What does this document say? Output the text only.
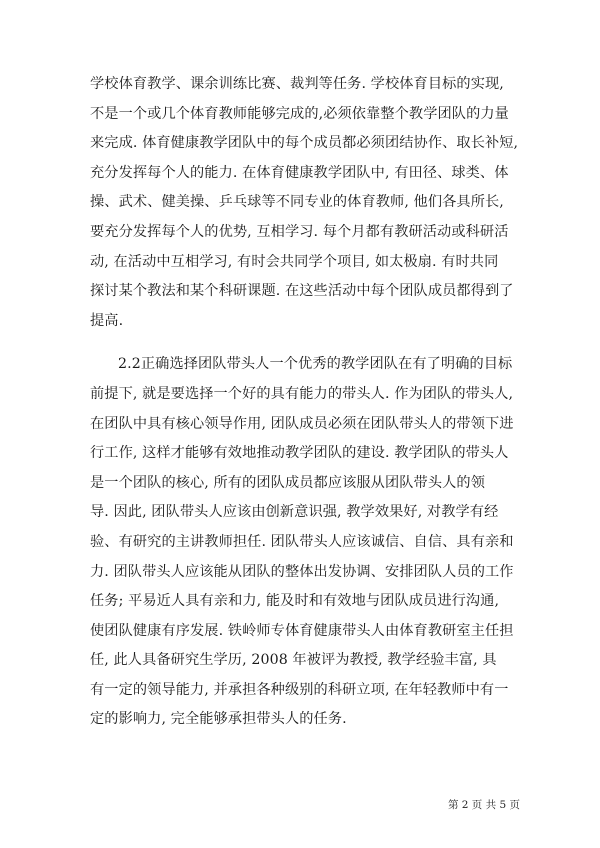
学校体育教学、课余训练比赛、裁判等任务. 学校体育目标的实现,
不是一个或几个体育教师能够完成的,必须依靠整个教学团队的力量
来完成. 体育健康教学团队中的每个成员都必须团结协作、取长补短,
充分发挥每个人的能力. 在体育健康教学团队中, 有田径、球类、体
操、武术、健美操、乒乓球等不同专业的体育教师, 他们各具所长,
要充分发挥每个人的优势, 互相学习. 每个月都有教研活动或科研活
动, 在活动中互相学习, 有时会共同学个项目, 如太极扇. 有时共同
探讨某个教法和某个科研课题. 在这些活动中每个团队成员都得到了
提高.
2.2正确选择团队带头人一个优秀的教学团队在有了明确的目标
前提下, 就是要选择一个好的具有能力的带头人. 作为团队的带头人,
在团队中具有核心领导作用, 团队成员必须在团队带头人的带领下进
行工作, 这样才能够有效地推动教学团队的建设. 教学团队的带头人
是一个团队的核心, 所有的团队成员都应该服从团队带头人的领
导. 因此, 团队带头人应该由创新意识强, 教学效果好, 对教学有经
验、有研究的主讲教师担任. 团队带头人应该诚信、自信、具有亲和
力. 团队带头人应该能从团队的整体出发协调、安排团队人员的工作
任务; 平易近人具有亲和力, 能及时和有效地与团队成员进行沟通,
使团队健康有序发展. 铁岭师专体育健康带头人由体育教研室主任担
任, 此人具备研究生学历, 2008 年被评为教授, 教学经验丰富, 具
有一定的领导能力, 并承担各种级别的科研立项, 在年轻教师中有一
定的影响力, 完全能够承担带头人的任务.
第 2 页 共 5 页
